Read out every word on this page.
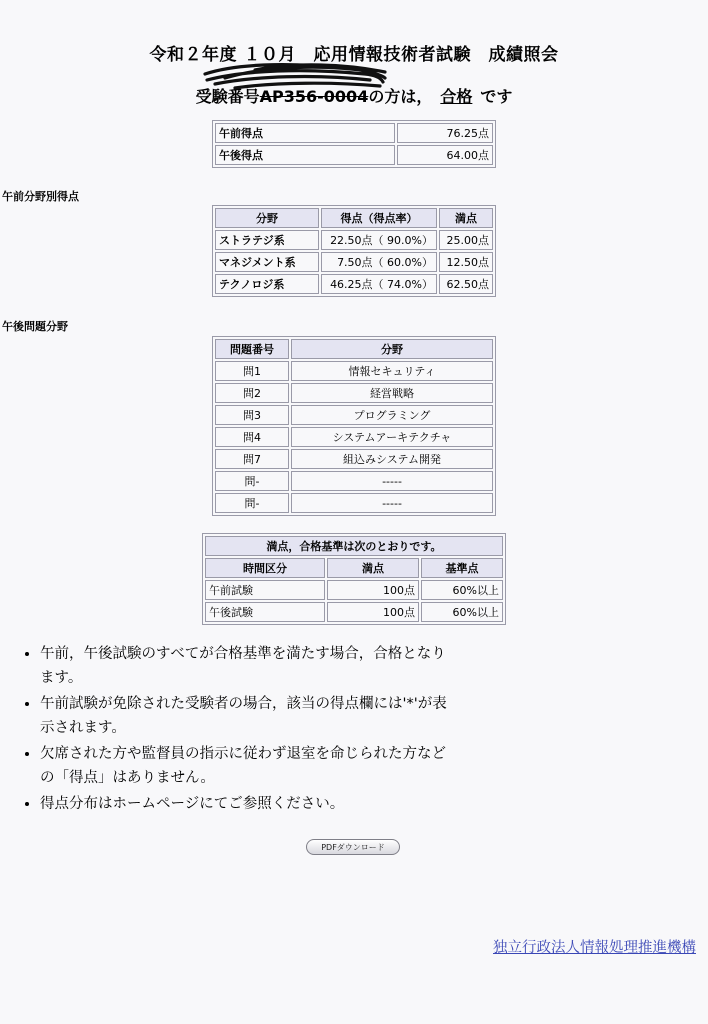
令和２年度 １０月　応用情報技術者試験　成績照会
受験番号AP356-0004の方は， 合格 です
午前得点	76.25点
午後得点	64.00点
午前分野別得点
分野	得点（得点率）	満点
ストラテジ系	22.50点（ 90.0%）	25.00点
マネジメント系	7.50点（ 60.0%）	12.50点
テクノロジ系	46.25点（ 74.0%）	62.50点
午後問題分野
問題番号	分野
問1	情報セキュリティ
問2	経営戦略
問3	プログラミング
問4	システムアーキテクチャ
問7	組込みシステム開発
問-	-----
問-	-----
満点，合格基準は次のとおりです。		
時間区分	満点	基準点
午前試験	100点	60%以上
午後試験	100点	60%以上
• 午前，午後試験のすべてが合格基準を満たす場合，合格となります。
• 午前試験が免除された受験者の場合，該当の得点欄には'*'が表示されます。
• 欠席された方や監督員の指示に従わず退室を命じられた方などの「得点」はありません。
• 得点分布はホームページにてご参照ください。
PDFダウンロード
独立行政法人情報処理推進機構
